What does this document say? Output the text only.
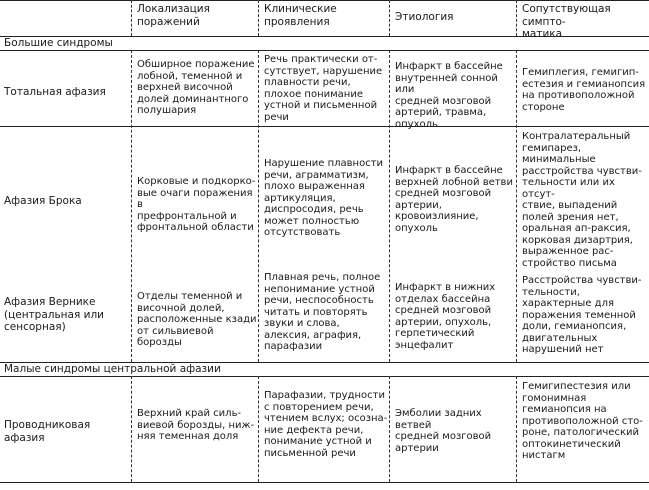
Локализация
поражений
Клинические
проявления	Этиология
Сопутствующая симпто-
матика
Большие синдромы
Тотальная афазия
Обширное поражение
лобной, теменной и
верхней височной
долей доминантного
полушария
Речь практически от-
сутствует, нарушение
плавности речи,
плохое понимание
устной и письменной
речи
Инфаркт в бассейне
внутренней сонной или
средней мозговой
артерий, травма,
опухоль
Гемиплегия, гемигип-
естезия и гемианопсия
на противоположной
стороне
Афазия Брока
Корковые и подкорко-
вые очаги поражения в
префронтальной и
фронтальной области
Нарушение плавности
речи, аграмматизм,
плохо выраженная
артикуляция,
диспросодия, речь
может полностью
отсутствовать
Инфаркт в бассейне
верхней лобной ветви
средней мозговой
артерии,
кровоизлияние,
опухоль
Контралатеральный
гемипарез,
минимальные
расстройства чувстви-
тельности или их отсут-
ствие, выпадений
полей зрения нет,
оральная ап-раксия,
корковая дизартрия,
выраженное рас-
стройство письма
Афазия Вернике
(центральная или
сенсорная)
Отделы теменной и
височной долей,
расположенные кзади
от сильвиевой борозды
Плавная речь, полное
непонимание устной
речи, неспособность
читать и повторять
звуки и слова,
алексия, аграфия,
парафазии
Инфаркт в нижних
отделах бассейна
средней мозговой
артерии, опухоль,
герпетический
энцефалит
Расстройства чувстви-
тельности,
характерные для
поражения теменной
доли, гемианопсия,
двигательных
нарушений нет
Малые синдромы центральной афазии
Проводниковая афазия
Верхний край силь-
виевой борозды, ниж-
няя теменная доля
Парафазии, трудности
с повторением речи,
чтением вслух; осозна-
ние дефекта речи,
понимание устной и
письменной речи
Эмболии задних ветвей
средней мозговой
артерии
Гемигипестезия или
гомонимная
гемианопсия на
противоположной сто-
роне, патологический
оптокинетический
нистагм
